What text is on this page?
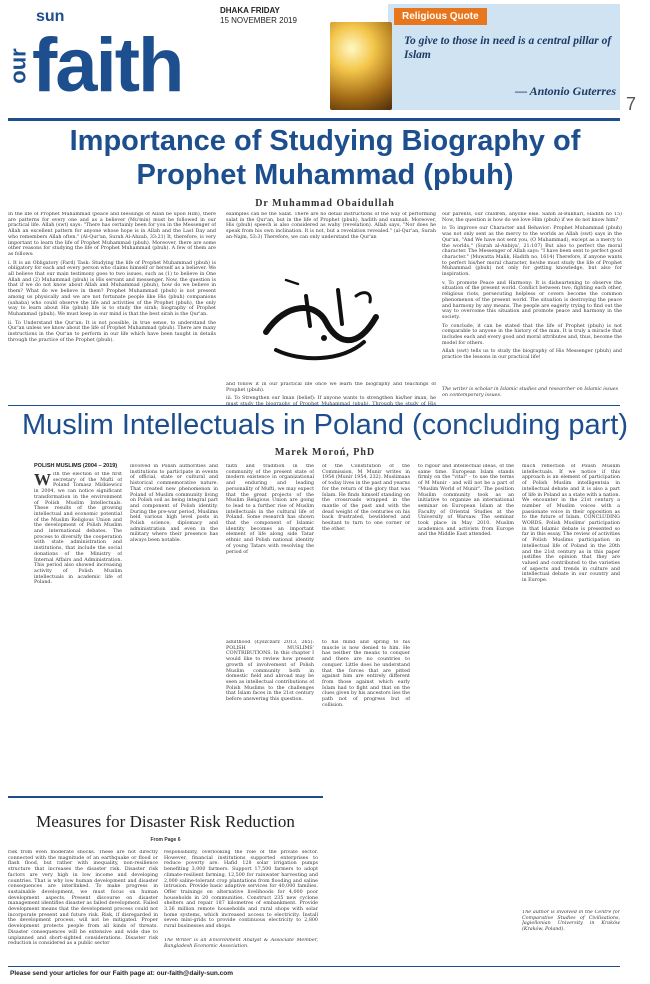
our
sun
faith
DHAKA FRIDAY
15 NOVEMBER 2019	Religious Quote
To give to those in need is a central pillar of Islam
— Antonio Guterres
7
Importance of Studying Biography of Prophet Muhammad (pbuh)
Dr Muhammad Obaidullah

In the life of Prophet Muhammad (peace and blessings of Allah be upon Him), there are patterns for every one and as a believer (Mu'min) must be followed in our practical life. Allah (swt) says: "There has certainly been for you in the Messenger of Allah an excellent pattern for anyone whose hope is in Allah and the Last Day and who remembers Allah often." (Al-Qur'an, Surah Al-Ahzab, 33:21) It, therefore, is very important to learn the life of Prophet Muhammad (pbuh). Moreover, there are some other reasons for studying the life of Prophet Muhammad (pbuh). A few of them are as follows:

i. It is an Obligatory (Fard) Task: Studying the life of Prophet Muhammad (pbuh) is obligatory for each and every person who claims himself or herself as a believer. We all believe that our main testimony goes to two issues, such as (1) to believe in One Allah and (2) Muhammad (pbuh) is His servant and messenger. Now, the question is that if we do not know about Allah and Muhammad (pbuh), how do we believe in them? What do we believe in them? Prophet Muhammad (pbuh) is not present among us physically and we are not fortunate people like His (pbuh) companions (sahaba) who could observe the life and activities of the Prophet (pbuh), the only way to learn about His (pbuh) life is to study the sirah; biography of Prophet Muhammad (pbuh). We must keep in our mind is that the best sirah is the Qur'an.

ii. To Understand the Qur'an: It is not possible, in true sense, to understand the Qur'an unless we know about the life of Prophet Muhammad (pbuh). There are many instructions in the Qur'an to perform in our life which have been taught in details through the practice of the Prophet (pbuh).

examples can be the Salat. There are no detail instructions of the way of performing salat in the Qur'an, but in the life of Prophet (pbuh), hadith and sunnah. Moreover, His (pbuh) speech is also considered as wahy (revelation). Allah says, "Nor does he speak from his own inclination. It is not, but a revelation revealed." (al-Qur'an, Surah an-Najm, 53:3) Therefore, we can only understand the Qur'an

and follow it in our practical life once we learn the biography and teachings of Prophet (pbuh).

iii. To Strengthen our Iman (belief): If anyone wants to strengthen his/her iman, he

our parents, our children, anyone else. Sahih al-Bukhari, Hadith no 15) Now, the question is how do we love Him (pbuh) if we do not know him?

iv. To improve our Character and Behavior: Prophet Muhammad (pbuh) was not only sent as the mercy to the worlds as Allah (swt) says in the Qur'an, "And We have not sent you, (O Muhammad), except as a mercy to the worlds." (Surah al-Anbiya', 21:107) But also to perfect the moral character. The Messenger of Allah says: "I have been sent to perfect good character." (Muwatta Malik, Hadith no. 1614) Therefore, if anyone wants to perfect his/her moral character, he/she must study the life of Prophet Muhammad (pbuh) not only for getting knowledge, but also for inspiration.

v. To promote Peace and Harmony: It is disheartening to observe the situation of the present world. Conflict between two, fighting each other, religious riots, persecuting helpless or covers become the common phenomenon of the present world. The situation is destroying the peace and harmony by any means. The people are eagerly trying to find out the way to overcome this situation and promote peace and harmony in the society.

To conclude, it can be stated that the life of Prophet (pbuh) is not comparable to anyone in the history of the man. It is truly a miracle that includes each and every good and moral attributes and, thus, become the model for others.

Allah (swt) tells us to study the biography of His Messenger (pbuh) and practice the lessons in our practical life!

The writer is scholar in Islamic studies and researcher on Islamic issues on contemporary issues.
Muslim Intellectuals in Poland (concluding part)
Marek Moroń, PhD
POLISH MUSLIMS (2004 – 2019)
With the election of the first secretary of the Mufti of Poland Tomasz Miśkiewicz in 2004, we can notice significant transformation in the environment of Polish Muslim Intellectuals. These results of the growing intellectual and economic potential of the Muslim Religious Union and the development of Polish Muslim and international debates. The process to diversify the cooperation with state administration and institutions, that include the social donations of the Ministry of Internal Affairs and Administration. This period also showed increasing activity of Polish Muslim intellectuals in academic life of Poland.

involved in Polish authorities and institutions to participate in events of official, state or cultural and historical commemorative nature. That created new phenomenon in Poland of Muslim community living on Polish soil as being integral part and component of Polish identity. During the pre-war period, Muslims held various high level posts in Polish science, diplomacy and administration and even in the military where their presence has always been notable.

faith and tradition in the community of the present state of modern existence in organizational and enduring and leading personality of Mufti, we may expect that the great projects of the Muslim Religious Union are going to lead to a further rise of Muslim intellectuals in the cultural life of Poland. Some research has shown that the component of Islamic identity becomes an important element of life along side Tatar ethnic and Polish national identity of young Tatars with resolving the period of

adulthood (Łyszczarz 2013, 265). POLISH MUSLIMS' CONTRIBUTIONS. In this chapter I would like to review how present growth of involvement of Polish Muslim community both in domestic field and abroad may be seen as intellectual contributions of Polish Muslims to the challenges that Islam faces in the 21st century before answering this question.

of the Constitution of the Commission, M Munir writes in 1954 (Munir 1954, 232). Muslimaas of today lives in the past and yearns for the return of the glory that was Islam. He finds himself standing on the crossroads wrapped in the mantle of the past and with the dead weight of the centuries on his back frustrated, bewildered and hesitant to turn to one corner or the other.

to his mind and spring to his muscle is now denied to him. He has neither the means to conquer and there are no countries to conquer. Little does he understand that the forces that are pitted against him are entirely different from those against which early Islam had to fight and that on the clues given by his ancestors lies the path not of progress but of collision.

to rigour and intellectual ideas, of the same time. European Islam stands firmly on the "vital" - to use the terms of M Munir - and will not be a part of "Muslim World of Munir". The position Muslim community took as an initiative to organize an international seminar on European Islam at the Faculty of Oriental Studies at the University of Warsaw. The seminar took place in May 2010. Muslim academics and activists from Europe and the Middle East attended.

much reflection of Polish Muslim intellectuals. If we notice if this approach is an element of participation of Polish Muslim intelligentsia in intellectual debate and it is also a part of life in Poland as a state with a nation. We encounter in the 21st century a number of Muslim voices with a passionate voice in their opposition as to the future of Islam. CONCLUDING WORDS. Polish Muslims' participation in that Islamic debate is presented so far in this essay. The review of activities of Polish Muslims participation in intellectual life of Poland in the 20th and the 21st century as in this paper justifies the opinion that they are valued and contributed to the varieties of aspects and trends in culture and intellectual debate in our country and in Europe.

The author is involved in the Centre for Comparative Studies of Civilisations, Jagiellonian University in Kraków (Kraków, Poland).

Measures for Disaster Risk Reduction
From Page 6

risk from even moderate shocks. These are not directly connected with the magnitude of an earthquake or flood or flash flood, but rather with inequality, non-resilience structure that increases the disaster risk. Disaster risk factors are very high in low income and developing countries. That is why low human development and disaster consequences are interlinked. To make progress in sustainable development, we must focus on human development aspects. Present discourse on disaster management identifies disaster as failed development. Failed development means that the development process could not incorporate present and future risk. Risk, if disregarded in the development process, will not be mitigated. Proper development protects people from all kinds of threats. Disaster consequences will be extensive and wide due to unplanned and short-sighted considerations. Disaster risk reduction is considered as a public sector

responsibility, overlooking the role of the private sector. However, financial institutions supported enterprises to reduce poverty are. Hafid 128 solar irrigation pumps benefiting 3,000 farmers. Support 17,500 farmers to adopt climate-resilient farming, 12,500 for rainwater harvesting and 2,000 saline-tolerant crop plantations from flooding and saline intrusion. Provide basic adaptive services for 40,000 families. Offer trainings on alternative livelihoods for 4,000 poor households in 20 communities. Construct 235 new cyclone shelters and repair 187 kilometres of embankment. Provide 3.36 million remote households and rural shops with solar home systems, which increased access to electricity. Install seven mini-grids to provide continuous electricity to 2,800 rural businesses and shops.

The Writer is an Environment Analyst & Associate Member, Bangladesh Economic Association.

Please send your articles for our Faith page at: our-faith@daily-sun.com
